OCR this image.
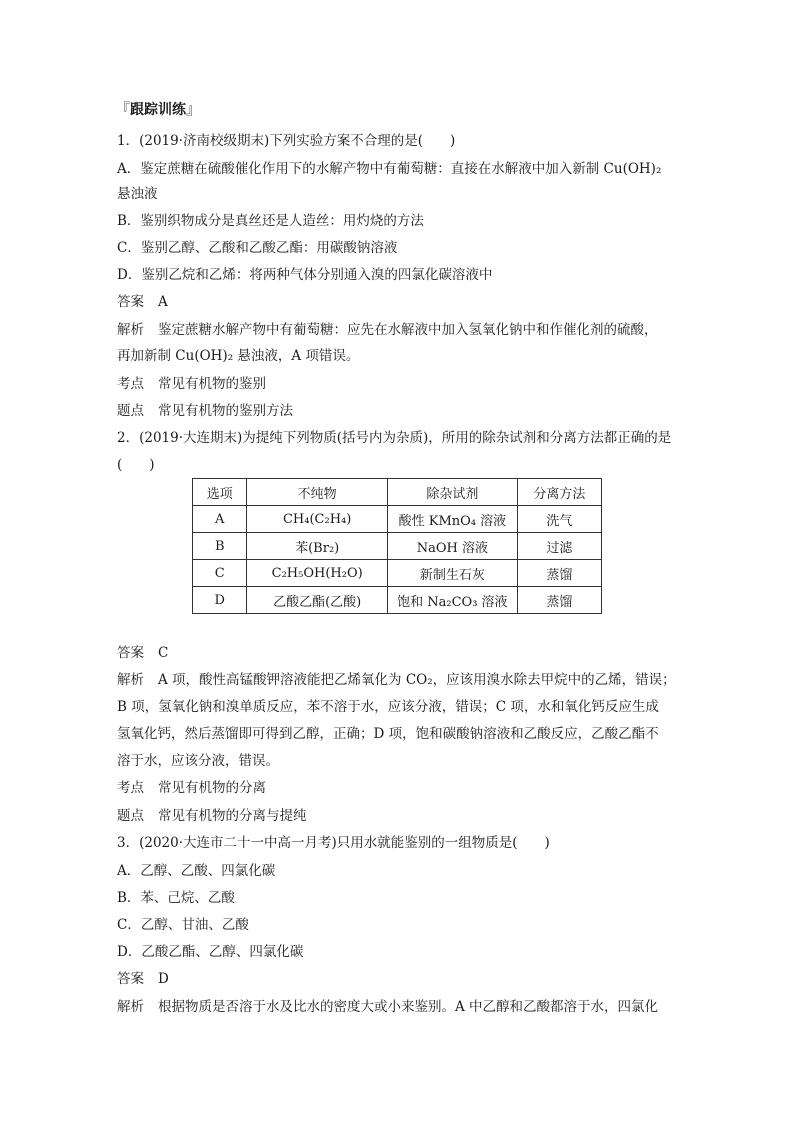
『跟踪训练』
1．(2019·济南校级期末)下列实验方案不合理的是(　　)
A．鉴定蔗糖在硫酸催化作用下的水解产物中有葡萄糖：直接在水解液中加入新制 Cu(OH)₂
悬浊液
B．鉴别织物成分是真丝还是人造丝：用灼烧的方法
C．鉴别乙醇、乙酸和乙酸乙酯：用碳酸钠溶液
D．鉴别乙烷和乙烯：将两种气体分别通入溴的四氯化碳溶液中
答案 A
解析 鉴定蔗糖水解产物中有葡萄糖：应先在水解液中加入氢氧化钠中和作催化剂的硫酸，
再加新制 Cu(OH)₂ 悬浊液，A 项错误。
考点 常见有机物的鉴别
题点 常见有机物的鉴别方法
2．(2019·大连期末)为提纯下列物质(括号内为杂质)，所用的除杂试剂和分离方法都正确的是
(　　)
选项	不纯物	除杂试剂	分离方法
A	CH₄(C₂H₄)	酸性 KMnO₄ 溶液	洗气
B	苯(Br₂)	NaOH 溶液	过滤
C	C₂H₅OH(H₂O)	新制生石灰	蒸馏
D	乙酸乙酯(乙酸)	饱和 Na₂CO₃ 溶液	蒸馏
答案 C
解析 A 项，酸性高锰酸钾溶液能把乙烯氧化为 CO₂，应该用溴水除去甲烷中的乙烯，错误；
B 项，氢氧化钠和溴单质反应，苯不溶于水，应该分液，错误；C 项，水和氧化钙反应生成
氢氧化钙，然后蒸馏即可得到乙醇，正确；D 项，饱和碳酸钠溶液和乙酸反应，乙酸乙酯不
溶于水，应该分液，错误。
考点 常见有机物的分离
题点 常见有机物的分离与提纯
3．(2020·大连市二十一中高一月考)只用水就能鉴别的一组物质是(　　)
A．乙醇、乙酸、四氯化碳
B．苯、己烷、乙酸
C．乙醇、甘油、乙酸
D．乙酸乙酯、乙醇、四氯化碳
答案 D
解析 根据物质是否溶于水及比水的密度大或小来鉴别。A 中乙醇和乙酸都溶于水，四氯化
